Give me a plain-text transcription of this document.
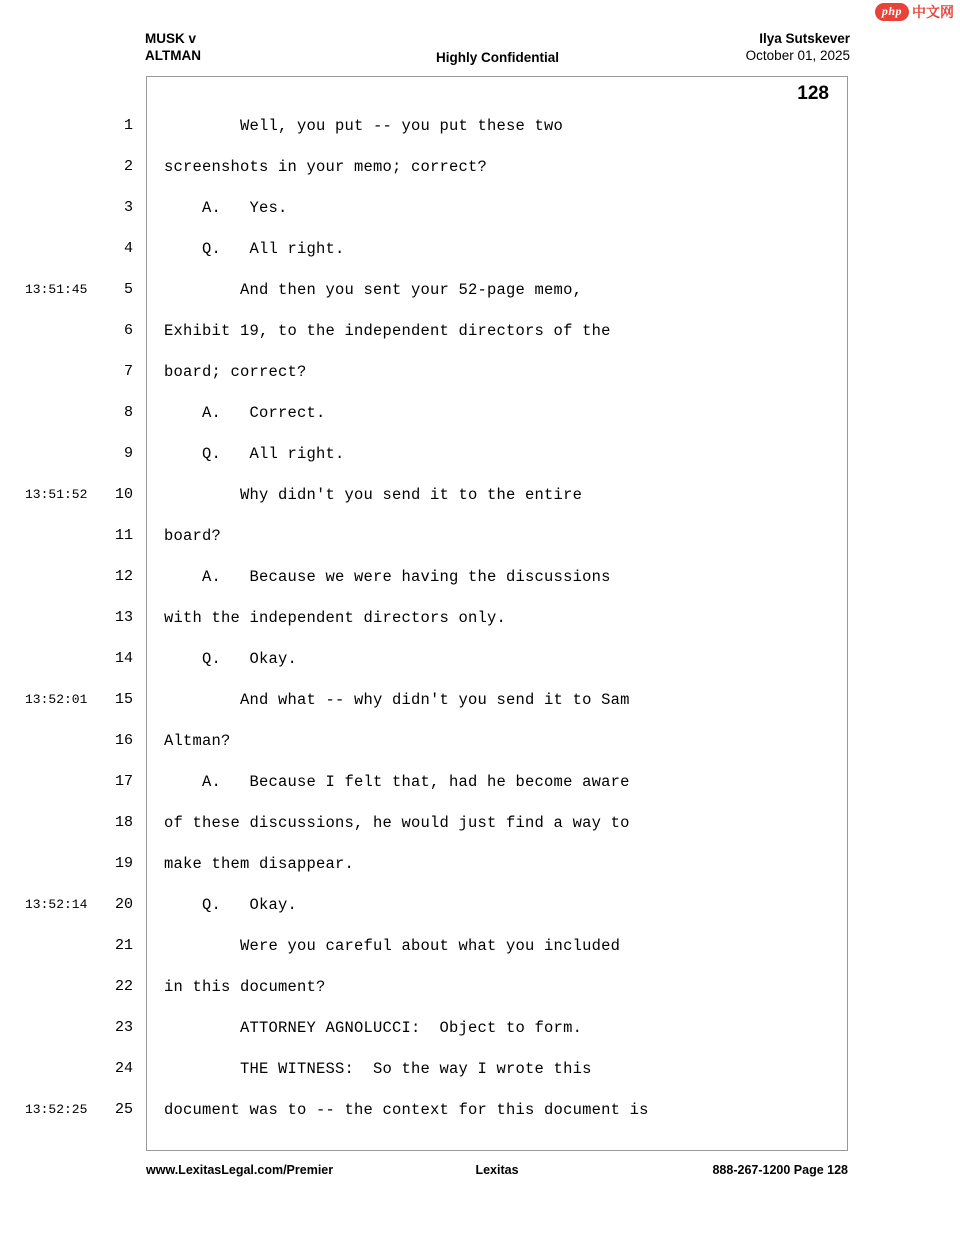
php 中文网
MUSK v
ALTMAN	Highly Confidential
Ilya Sutskever
October 01, 2025
128
1	Well, you put -- you put these two
2	screenshots in your memo; correct?
3	A.   Yes.
4	Q.   All right.
13:51:45	5	And then you sent your 52-page memo,
6	Exhibit 19, to the independent directors of the
7	board; correct?
8	A.   Correct.
9	Q.   All right.
13:51:52	10	Why didn't you send it to the entire
11	board?
12	A.   Because we were having the discussions
13	with the independent directors only.
14	Q.   Okay.
13:52:01	15	And what -- why didn't you send it to Sam
16	Altman?
17	A.   Because I felt that, had he become aware
18	of these discussions, he would just find a way to
19	make them disappear.
13:52:14	20	Q.   Okay.
21	Were you careful about what you included
22	in this document?
23	ATTORNEY AGNOLUCCI:  Object to form.
24	THE WITNESS:  So the way I wrote this
13:52:25	25	document was to -- the context for this document is
www.LexitasLegal.com/Premier	Lexitas	888-267-1200 Page 128
